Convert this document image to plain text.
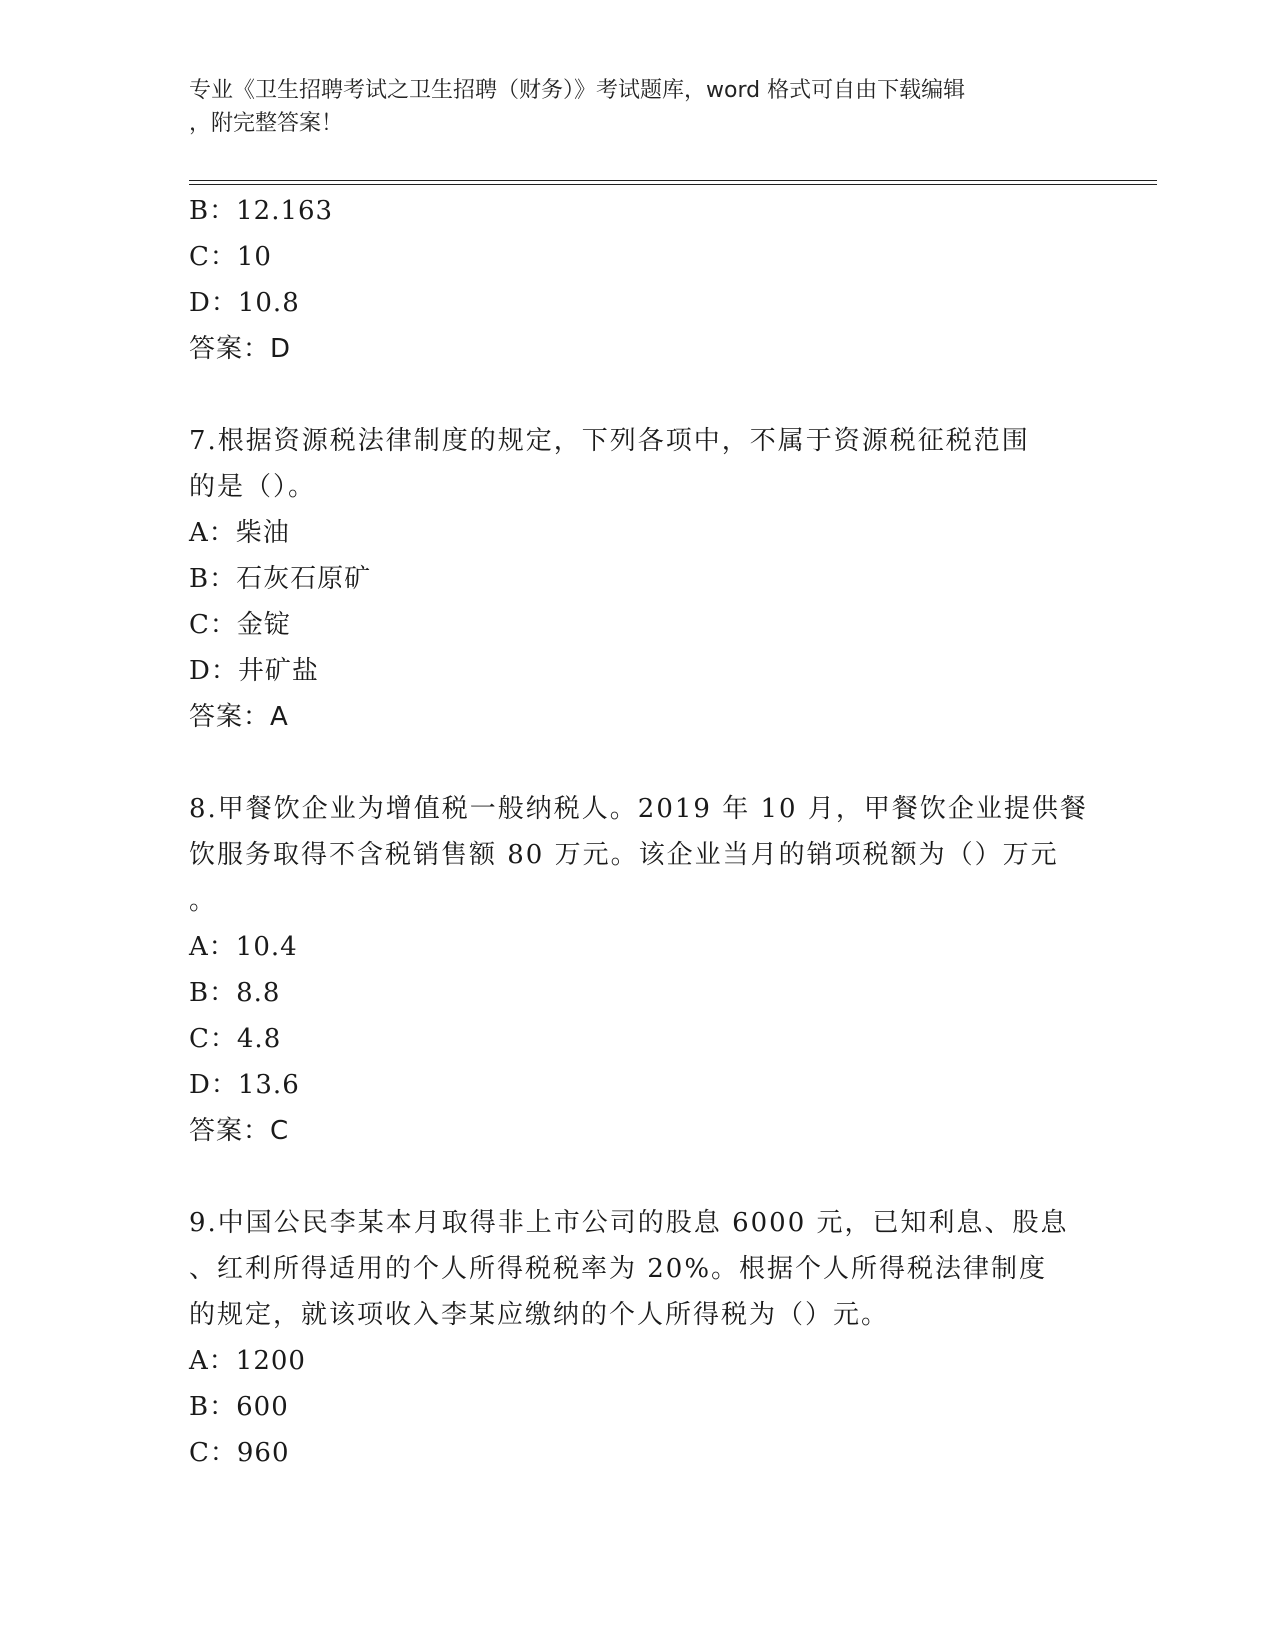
专业《卫生招聘考试之卫生招聘（财务）》考试题库，word 格式可自由下载编辑
，附完整答案！
B：12.163
C：10
D：10.8
答案：D
7.根据资源税法律制度的规定，下列各项中，不属于资源税征税范围
的是（）。
A：柴油
B：石灰石原矿
C：金锭
D：井矿盐
答案：A
8.甲餐饮企业为增值税一般纳税人。2019 年 10 月，甲餐饮企业提供餐
饮服务取得不含税销售额 80 万元。该企业当月的销项税额为（）万元
。
A：10.4
B：8.8
C：4.8
D：13.6
答案：C
9.中国公民李某本月取得非上市公司的股息 6000 元，已知利息、股息
、红利所得适用的个人所得税税率为 20%。根据个人所得税法律制度
的规定，就该项收入李某应缴纳的个人所得税为（）元。
A：1200
B：600
C：960
